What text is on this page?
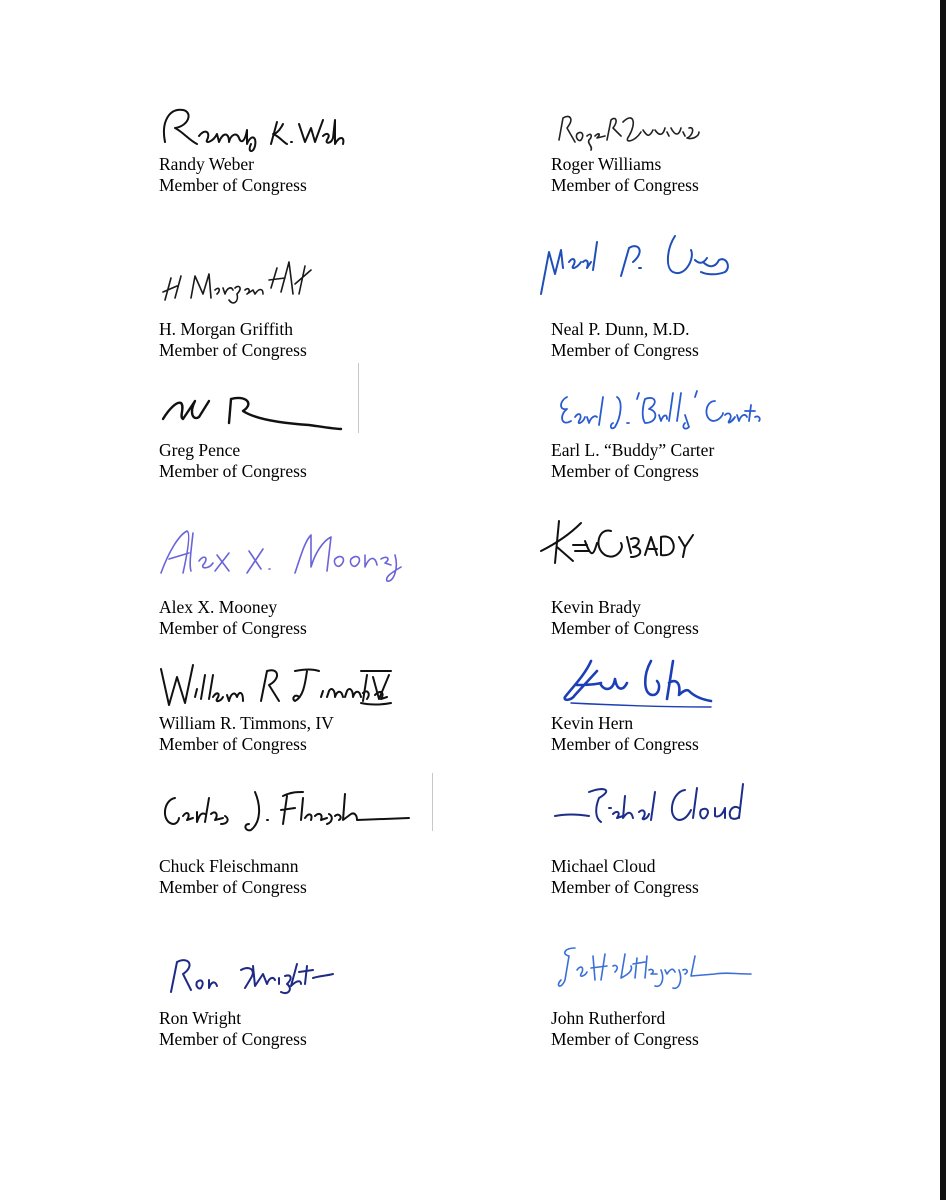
Randy Weber
Member of Congress
Roger Williams
Member of Congress
H. Morgan Griffith
Member of Congress
Neal P. Dunn, M.D.
Member of Congress
Greg Pence
Member of Congress
Earl L. “Buddy” Carter
Member of Congress
Alex X. Mooney
Member of Congress
Kevin Brady
Member of Congress
William R. Timmons, IV
Member of Congress
Kevin Hern
Member of Congress
Chuck Fleischmann
Member of Congress
Michael Cloud
Member of Congress
Ron Wright
Member of Congress
John Rutherford
Member of Congress
